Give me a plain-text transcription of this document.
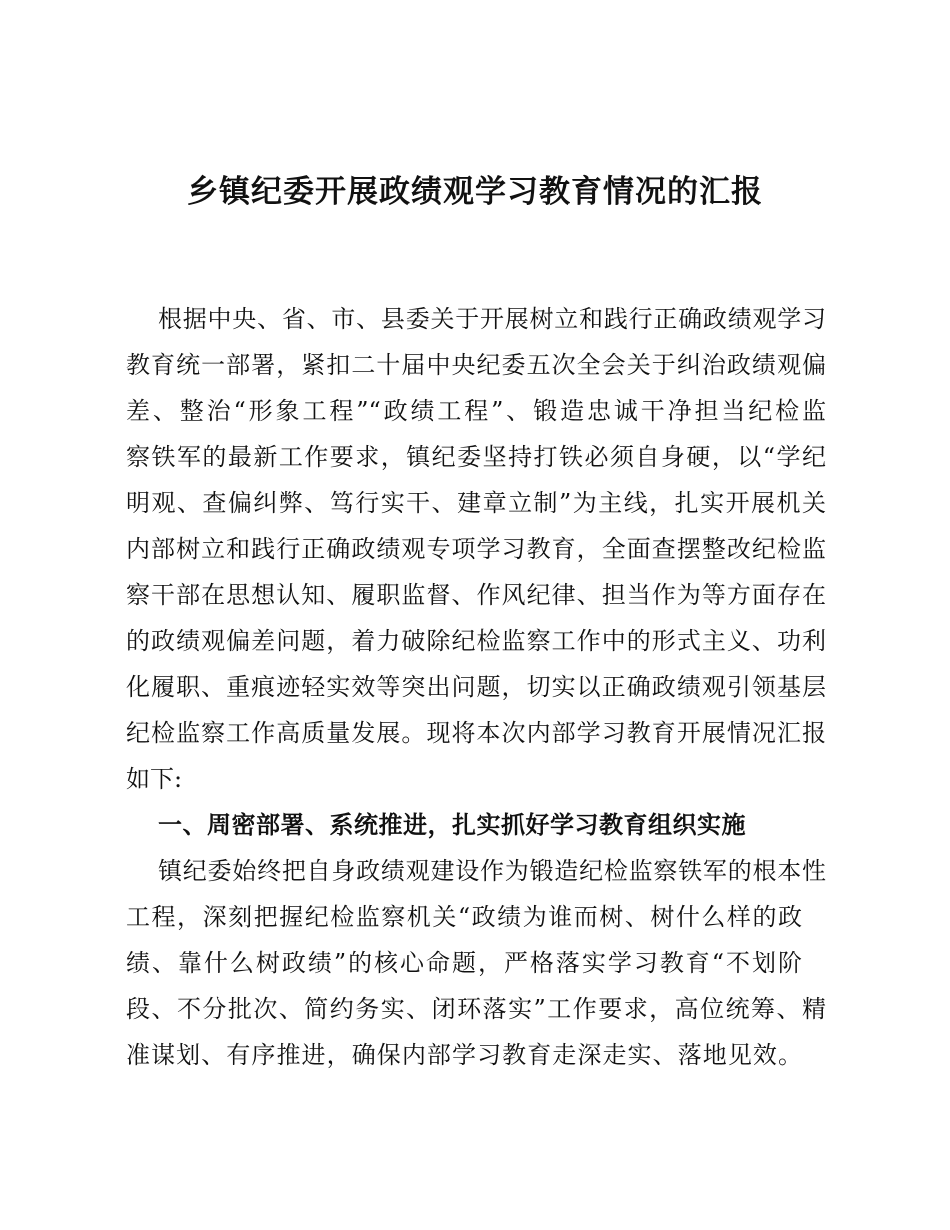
乡镇纪委开展政绩观学习教育情况的汇报
根据中央、省、市、县委关于开展树立和践行正确政绩观学习
教育统一部署，紧扣二十届中央纪委五次全会关于纠治政绩观偏
差、整治“形象工程”“政绩工程”、锻造忠诚干净担当纪检监
察铁军的最新工作要求，镇纪委坚持打铁必须自身硬，以“学纪
明观、查偏纠弊、笃行实干、建章立制”为主线，扎实开展机关
内部树立和践行正确政绩观专项学习教育，全面查摆整改纪检监
察干部在思想认知、履职监督、作风纪律、担当作为等方面存在
的政绩观偏差问题，着力破除纪检监察工作中的形式主义、功利
化履职、重痕迹轻实效等突出问题，切实以正确政绩观引领基层
纪检监察工作高质量发展。现将本次内部学习教育开展情况汇报
如下:
一、周密部署、系统推进，扎实抓好学习教育组织实施
镇纪委始终把自身政绩观建设作为锻造纪检监察铁军的根本性
工程，深刻把握纪检监察机关“政绩为谁而树、树什么样的政
绩、靠什么树政绩”的核心命题，严格落实学习教育“不划阶
段、不分批次、简约务实、闭环落实”工作要求，高位统筹、精
准谋划、有序推进，确保内部学习教育走深走实、落地见效。
